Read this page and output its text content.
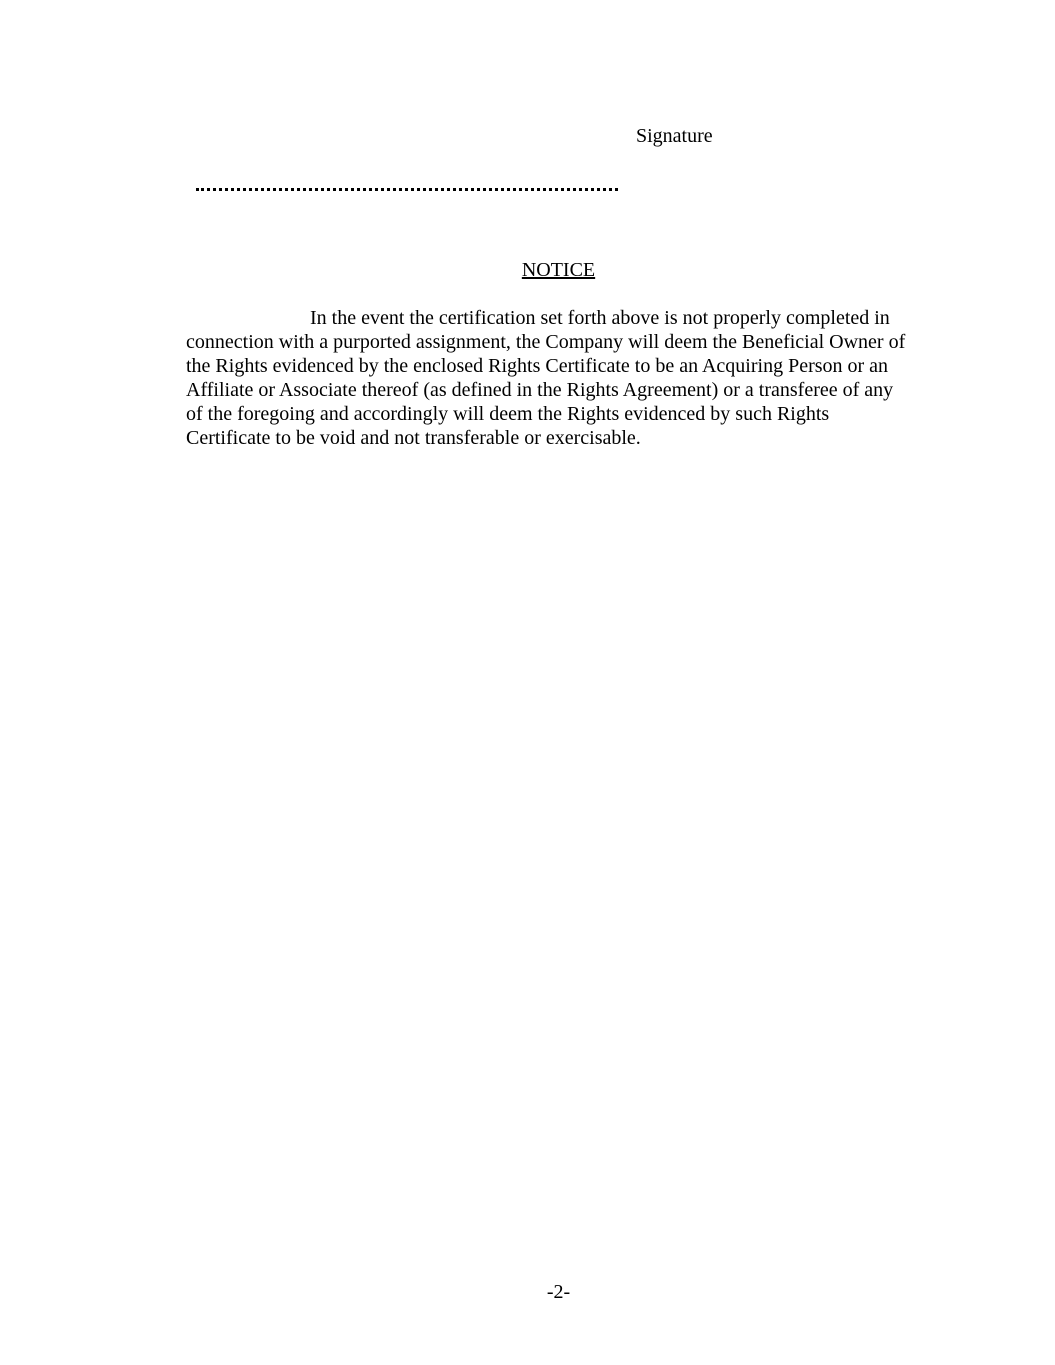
Signature
NOTICE

In the event the certification set forth above is not properly completed in
connection with a purported assignment, the Company will deem the Beneficial Owner of
the Rights evidenced by the enclosed Rights Certificate to be an Acquiring Person or an
Affiliate or Associate thereof (as defined in the Rights Agreement) or a transferee of any
of the foregoing and accordingly will deem the Rights evidenced by such Rights
Certificate to be void and not transferable or exercisable.

-2-
